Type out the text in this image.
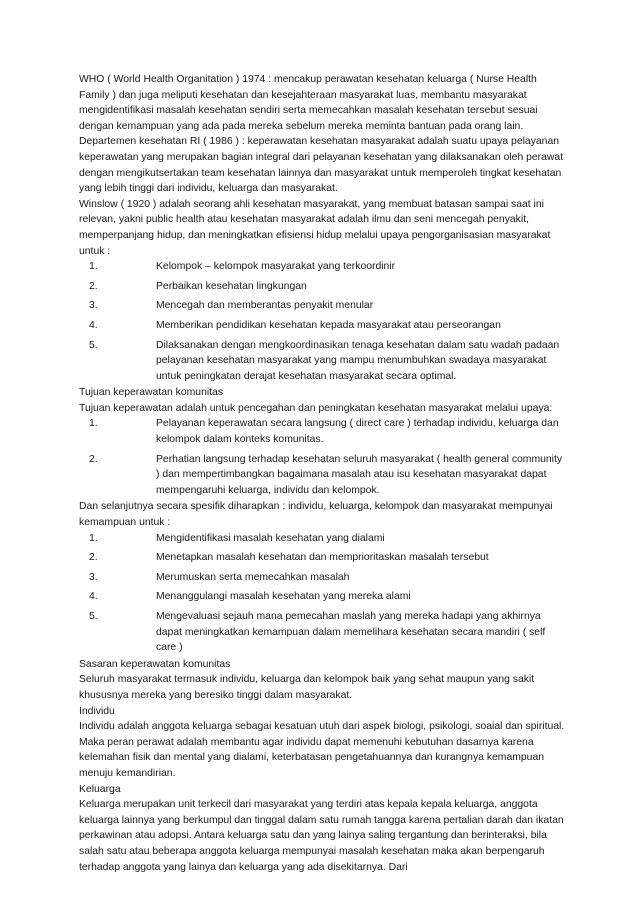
WHO ( World Health Organitation ) 1974 : mencakup perawatan kesehatan keluarga ( Nurse Health Family ) dan juga meliputi kesehatan dan kesejahteraan masyarakat luas, membantu masyarakat mengidentifikasi masalah kesehatan sendiri serta memecahkan masalah kesehatan tersebut sesuai dengan kemampuan yang ada pada mereka sebelum mereka meminta bantuan pada orang lain.

Departemen kesehatan RI ( 1986 ) : keperawatan kesehatan masyarakat adalah suatu upaya pelayanan keperawatan yang merupakan bagian integral dari pelayanan kesehatan yang dilaksanakan oleh perawat dengan mengikutsertakan team kesehatan lainnya dan masyarakat untuk memperoleh tingkat kesehatan yang lebih tinggi dari individu, keluarga dan masyarakat.

Winslow ( 1920 ) adalah seorang ahli kesehatan masyarakat, yang membuat batasan sampai saat ini relevan, yakni public health atau kesehatan masyarakat adalah ilmu dan seni mencegah penyakit, memperpanjang hidup, dan meningkatkan efisiensi hidup melalui upaya pengorganisasian masyarakat untuk :

1.	Kelompok – kelompok masyarakat yang terkoordinir

2.	Perbaikan kesehatan lingkungan

3.	Mencegah dan memberantas penyakit menular

4.	Memberikan pendidikan kesehatan kepada masyarakat atau perseorangan

5.	Dilaksanakan dengan mengkoordinasikan tenaga kesehatan dalam satu wadah padaan pelayanan kesehatan masyarakat yang mampu menumbuhkan swadaya masyarakat untuk peningkatan derajat kesehatan masyarakat secara optimal.

Tujuan keperawatan komunitas

Tujuan keperawatan adalah untuk pencegahan dan peningkatan kesehatan masyarakat melalui upaya:

1.	Pelayanan keperawatan secara langsung ( direct care ) terhadap individu, keluarga dan kelompok dalam konteks komunitas.

2.	Perhatian langsung terhadap kesehatan seluruh masyarakat ( health general community ) dan mempertimbangkan bagaimana masalah atau isu kesehatan masyarakat dapat mempengaruhi keluarga, individu dan kelompok.

Dan selanjutnya secara spesifik diharapkan : individu, keluarga, kelompok dan masyarakat mempunyai kemampuan untuk :

1.	Mengidentifikasi masalah kesehatan yang dialami

2.	Menetapkan masalah kesehatan dan memprioritaskan masalah tersebut

3.	Merumuskan serta memecahkan masalah

4.	Menanggulangi masalah kesehatan yang mereka alami

5.	Mengevaluasi sejauh mana pemecahan maslah yang mereka hadapi yang akhirnya dapat meningkatkan kemampuan dalam memelihara kesehatan secara mandiri ( self care )

Sasaran keperawatan komunitas

Seluruh masyarakat termasuk individu, keluarga dan kelompok baik yang sehat maupun yang sakit khususnya mereka yang beresiko tinggi dalam masyarakat.

Individu

Individu adalah anggota keluarga sebagai kesatuan utuh dari aspek biologi, psikologi, soaial dan spiritual. Maka peran perawat adalah membantu agar individu dapat memenuhi kebutuhan dasarnya karena kelemahan fisik dan mental yang dialami, keterbatasan pengetahuannya dan kurangnya kemampuan menuju kemandirian.

Keluarga

Keluarga merupakan unit terkecil dari masyarakat yang terdiri atas kepala kepala keluarga, anggota keluarga lainnya yang berkumpul dan tinggal dalam satu rumah tangga karena pertalian darah dan ikatan perkawinan atau adopsi. Antara keluarga satu dan yang lainya saling tergantung dan berinteraksi, bila salah satu atau beberapa anggota keluarga mempunyai masalah kesehatan maka akan berpengaruh terhadap anggota yang lainya dan keluarga yang ada disekitarnya. Dari
